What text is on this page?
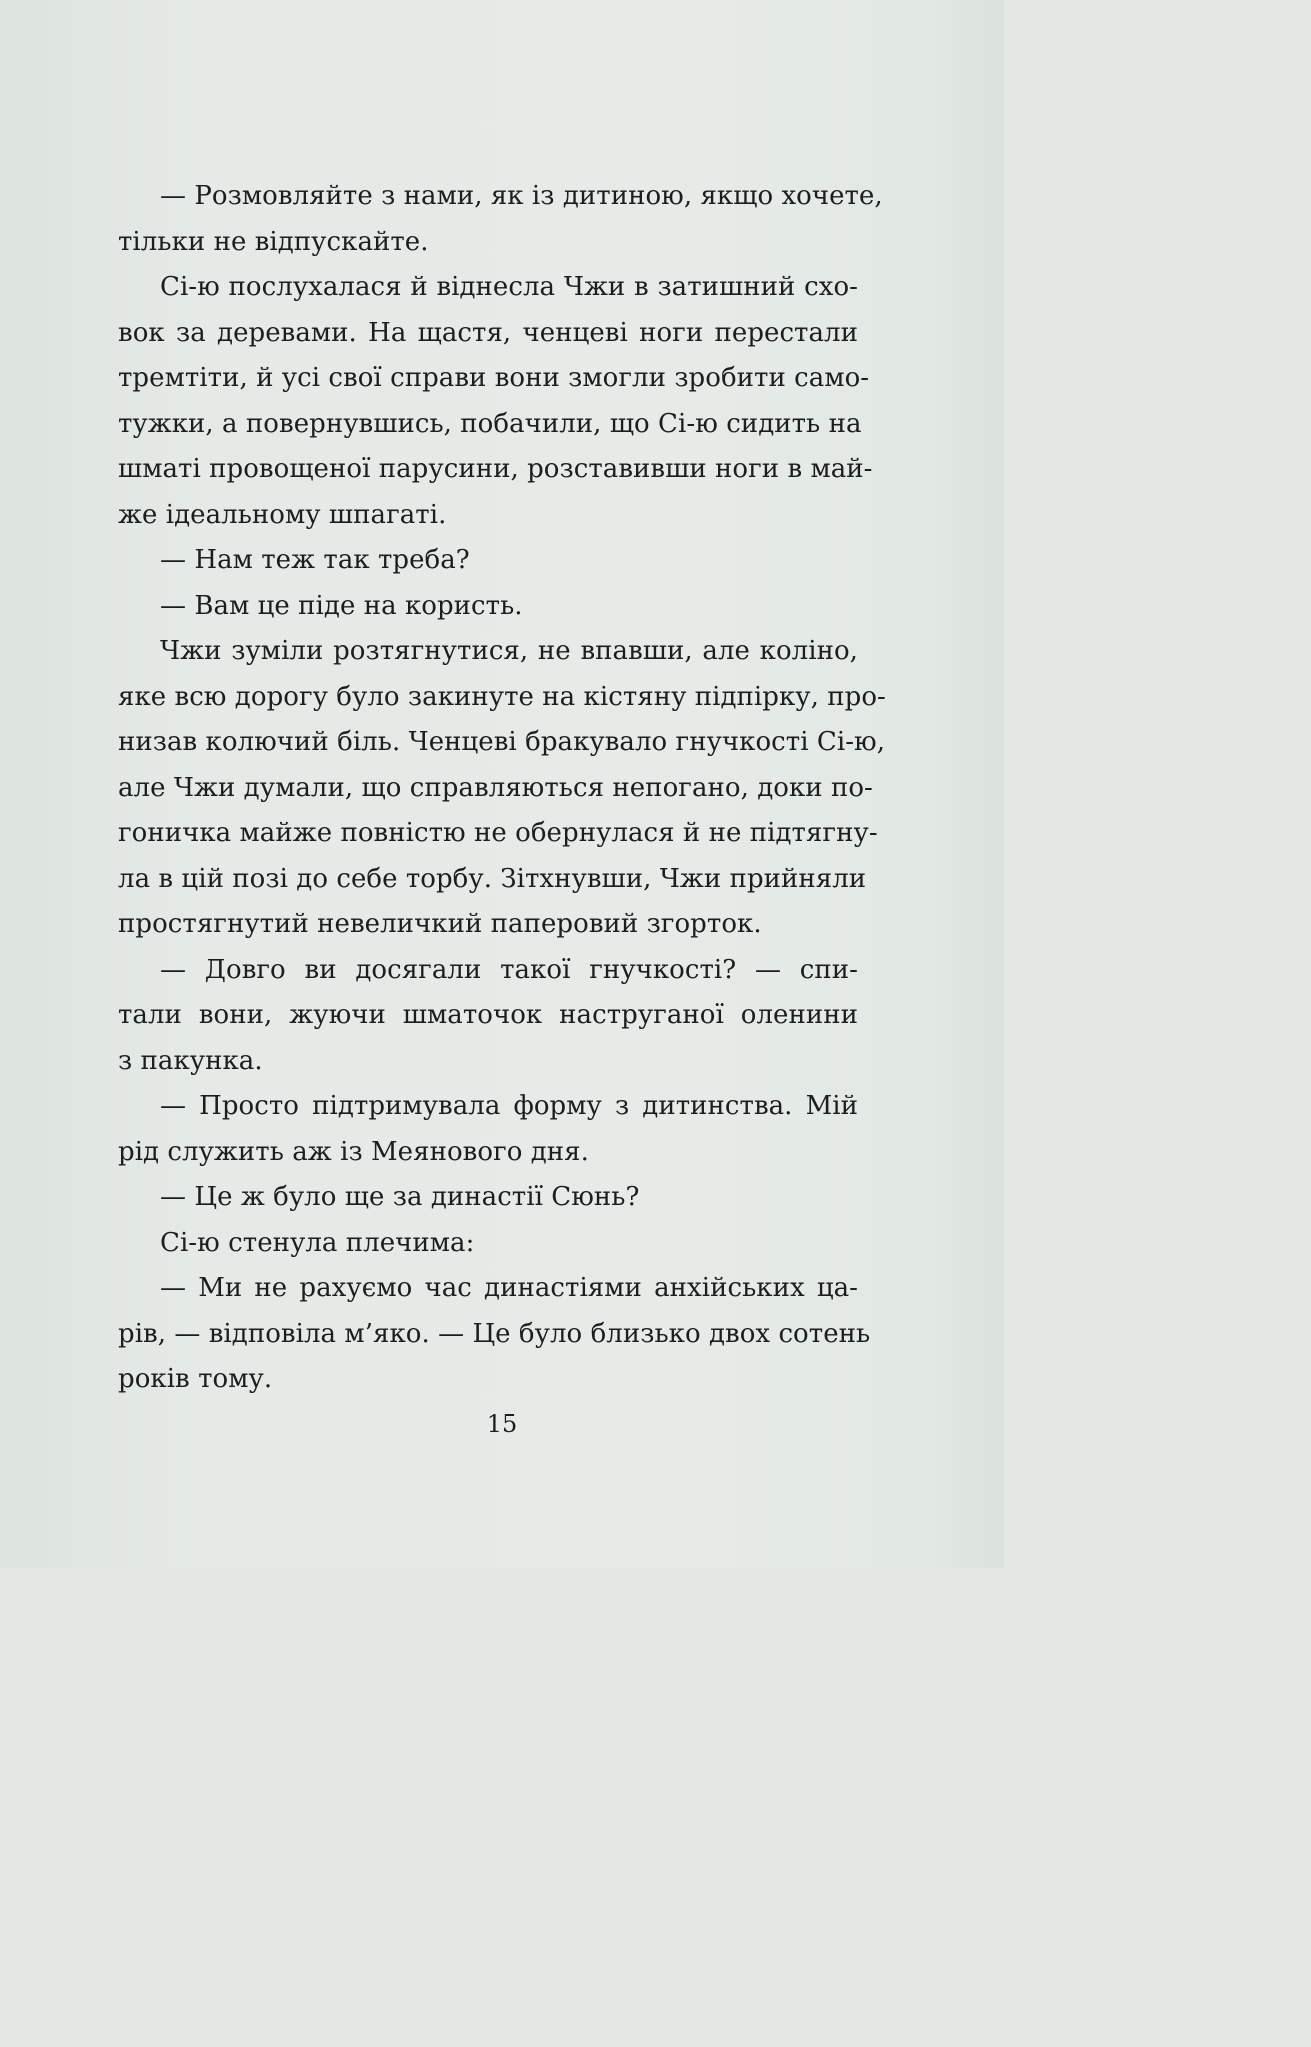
— Розмовляйте з нами, як із дитиною, якщо хочете,
тільки не відпускайте.
Сі-ю послухалася й віднесла Чжи в затишний схо-
вок за деревами. На щастя, ченцеві ноги перестали
тремтіти, й усі свої справи вони змогли зробити само-
тужки, а повернувшись, побачили, що Сі-ю сидить на
шматі провощеної парусини, розставивши ноги в май-
же ідеальному шпагаті.
— Нам теж так треба?
— Вам це піде на користь.
Чжи зуміли розтягнутися, не впавши, але коліно,
яке всю дорогу було закинуте на кістяну підпірку, про-
низав колючий біль. Ченцеві бракувало гнучкості Сі-ю,
але Чжи думали, що справляються непогано, доки по-
гоничка майже повністю не обернулася й не підтягну-
ла в цій позі до себе торбу. Зітхнувши, Чжи прийняли
простягнутий невеличкий паперовий згорток.
— Довго ви досягали такої гнучкості? — спи-
тали вони, жуючи шматочок наструганої оленини
з пакунка.
— Просто підтримувала форму з дитинства. Мій
рід служить аж із Меянового дня.
— Це ж було ще за династії Сюнь?
Сі-ю стенула плечима:
— Ми не рахуємо час династіями анхійських ца-
рів, — відповіла м’яко. — Це було близько двох сотень
років тому.
15
